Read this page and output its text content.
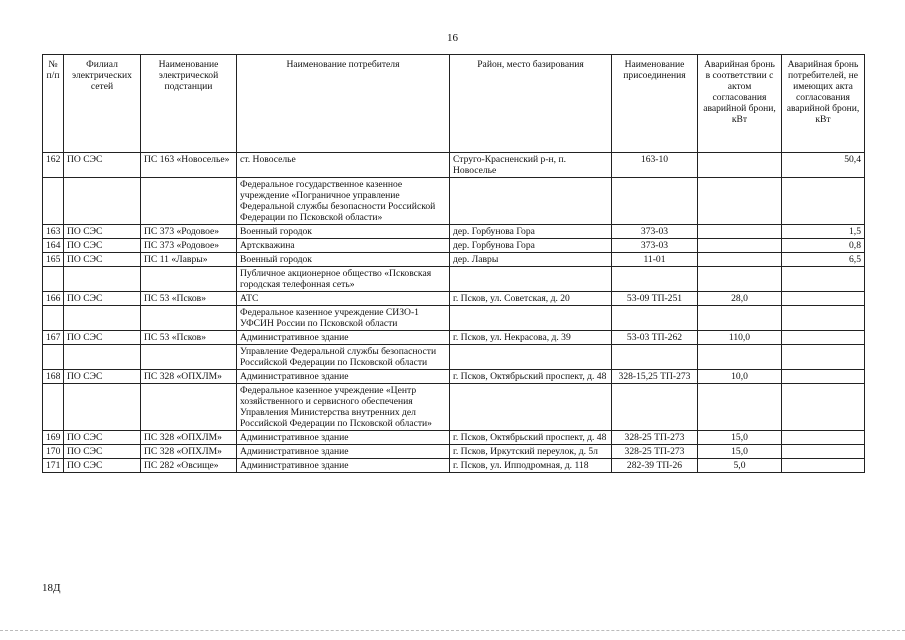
16
№ п/п	Филиал электрических сетей	Наименование электрической подстанции	Наименование потребителя	Район, место базирования	Наименование присоединения	Аварийная бронь в соответствии с актом согласования аварийной брони, кВт	Аварийная бронь потребителей, не имеющих акта согласования аварийной брони, кВт
162	ПО СЭС	ПС 163 «Новоселье»	ст. Новоселье	Струго-Красненский р-н, п. Новоселье	163-10		50,4
			Федеральное государственное казенное учреждение «Пограничное управление Федеральной службы безопасности Российской Федерации по Псковской области»				
163	ПО СЭС	ПС 373 «Родовое»	Военный городок	дер. Горбунова Гора	373-03		1,5
164	ПО СЭС	ПС 373 «Родовое»	Артскважина	дер. Горбунова Гора	373-03		0,8
165	ПО СЭС	ПС 11 «Лавры»	Военный городок	дер. Лавры	11-01		6,5
			Публичное акционерное общество «Псковская городская телефонная сеть»				
166	ПО СЭС	ПС 53 «Псков»	АТС	г. Псков, ул. Советская, д. 20	53-09 ТП-251	28,0	
			Федеральное казенное учреждение СИЗО-1 УФСИН России по Псковской области				
167	ПО СЭС	ПС 53 «Псков»	Административное здание	г. Псков, ул. Некрасова, д. 39	53-03 ТП-262	110,0	
			Управление Федеральной службы безопасности Российской Федерации по Псковской области				
168	ПО СЭС	ПС 328 «ОПХЛМ»	Административное здание	г. Псков, Октябрьский проспект, д. 48	328-15,25 ТП-273	10,0	
			Федеральное казенное учреждение «Центр хозяйственного и сервисного обеспечения Управления Министерства внутренних дел Российской Федерации по Псковской области»				
169	ПО СЭС	ПС 328 «ОПХЛМ»	Административное здание	г. Псков, Октябрьский проспект, д. 48	328-25 ТП-273	15,0	
170	ПО СЭС	ПС 328 «ОПХЛМ»	Административное здание	г. Псков, Иркутский переулок, д. 5л	328-25 ТП-273	15,0	
171	ПО СЭС	ПС 282 «Овсище»	Административное здание	г. Псков, ул. Ипподромная, д. 118	282-39 ТП-26	5,0	
18Д
